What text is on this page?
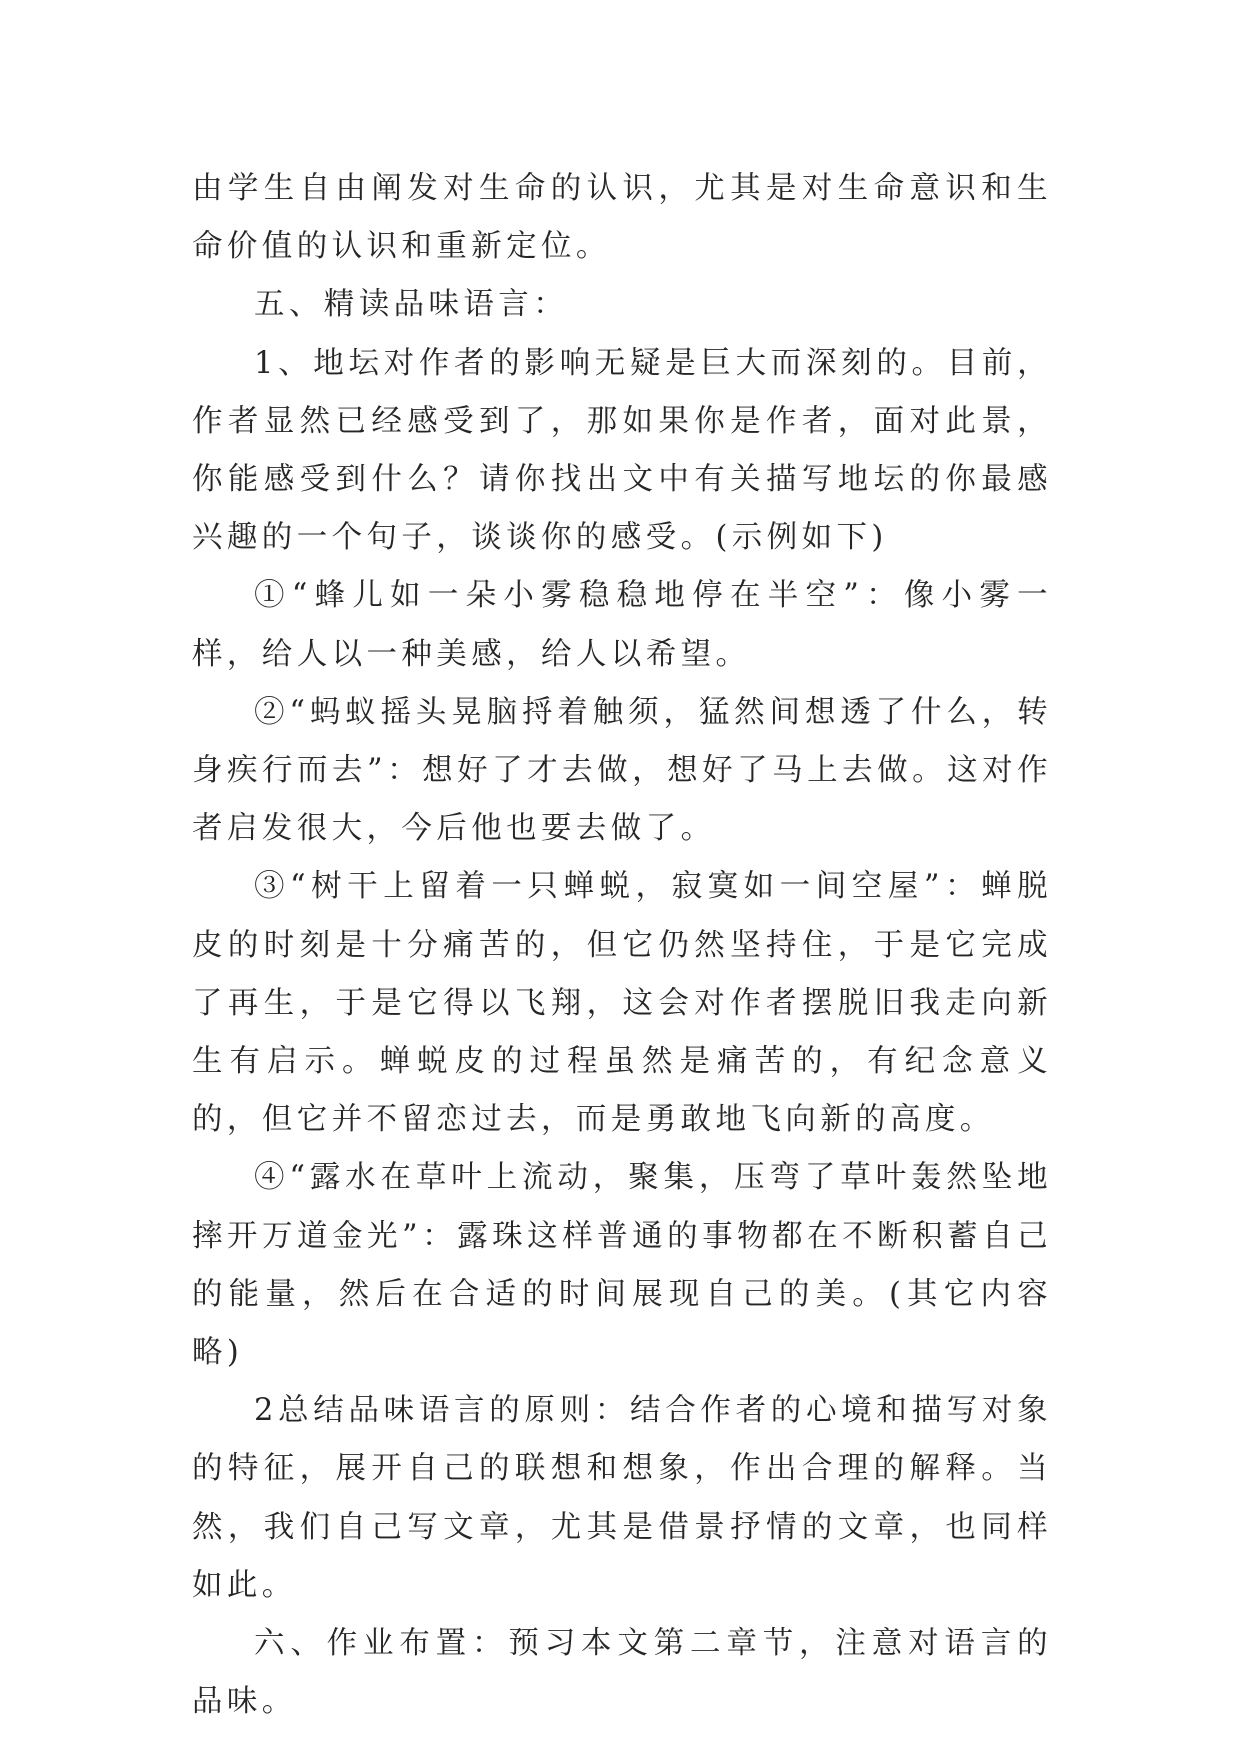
由学生自由阐发对生命的认识，尤其是对生命意识和生命价值的认识和重新定位。

五、精读品味语言：

1、地坛对作者的影响无疑是巨大而深刻的。目前，作者显然已经感受到了，那如果你是作者，面对此景，你能感受到什么？请你找出文中有关描写地坛的你最感兴趣的一个句子，谈谈你的感受。(示例如下)

①“蜂儿如一朵小雾稳稳地停在半空”：像小雾一样，给人以一种美感，给人以希望。

②“蚂蚁摇头晃脑捋着触须，猛然间想透了什么，转身疾行而去”：想好了才去做，想好了马上去做。这对作者启发很大，今后他也要去做了。

③“树干上留着一只蝉蜕，寂寞如一间空屋”：蝉脱皮的时刻是十分痛苦的，但它仍然坚持住，于是它完成了再生，于是它得以飞翔，这会对作者摆脱旧我走向新生有启示。蝉蜕皮的过程虽然是痛苦的，有纪念意义的，但它并不留恋过去，而是勇敢地飞向新的高度。

④“露水在草叶上流动，聚集，压弯了草叶轰然坠地摔开万道金光”：露珠这样普通的事物都在不断积蓄自己的能量，然后在合适的时间展现自己的美。(其它内容略)

2总结品味语言的原则：结合作者的心境和描写对象的特征，展开自己的联想和想象，作出合理的解释。当然，我们自己写文章，尤其是借景抒情的文章，也同样如此。

六、作业布置：预习本文第二章节，注意对语言的品味。
